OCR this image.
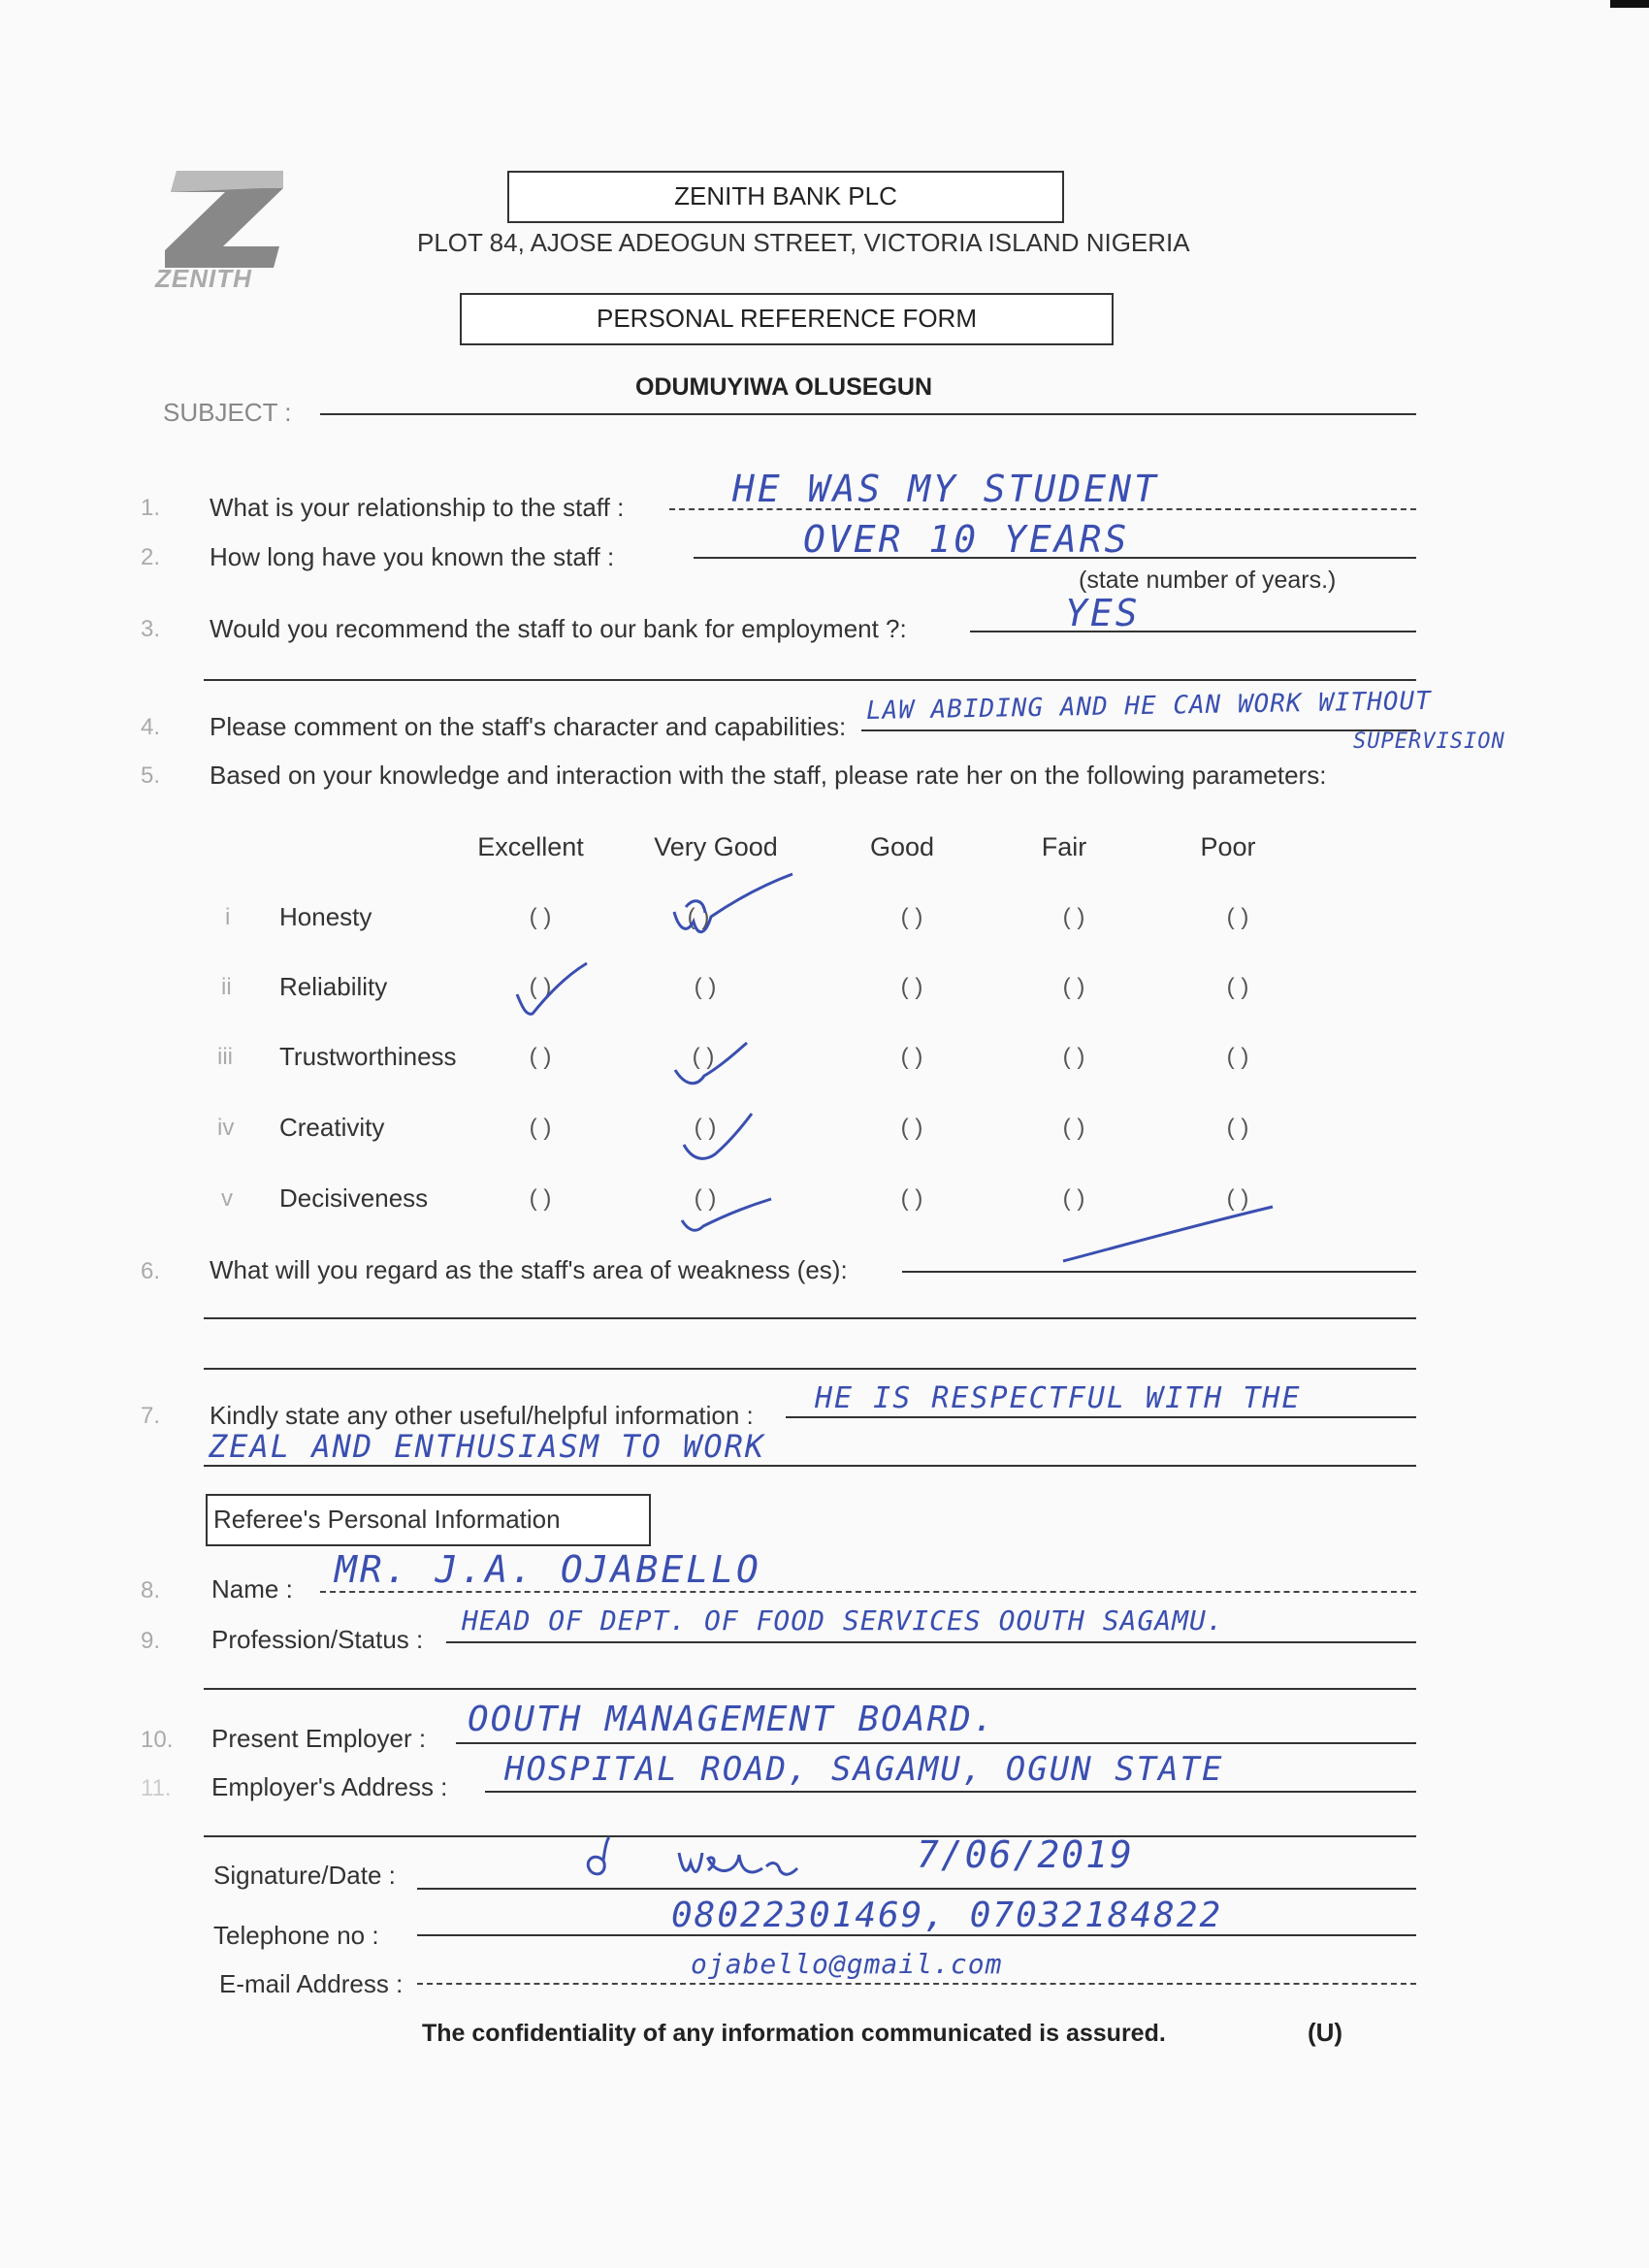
ZENITH
ZENITH BANK PLC
PLOT 84, AJOSE ADEOGUN STREET, VICTORIA ISLAND NIGERIA
PERSONAL REFERENCE FORM
SUBJECT :
ODUMUYIWA OLUSEGUN
1. What is your relationship to the staff :	HE WAS MY STUDENT
2. How long have you known the staff :	OVER 10 YEARS
(state number of years.)
3. Would you recommend the staff to our bank for employment ?:	YES
4. Please comment on the staff's character and capabilities:
LAW ABIDING AND HE CAN WORK WITHOUT
SUPERVISION
5. Based on your knowledge and interaction with the staff, please rate her on the following parameters:
Excellent	Very Good	Good	Fair	Poor
i Honesty	( )	( )	( )	( )	( )
ii Reliability	( )	( )	( )	( )	( )
iii Trustworthiness	( )	( )	( )	( )	( )
iv Creativity	( )	( )	( )	( )	( )
v Decisiveness	( )	( )	( )	( )	( )
6. What will you regard as the staff's area of weakness (es):
7. Kindly state any other useful/helpful information : HE IS RESPECTFUL WITH THE
ZEAL AND ENTHUSIASM TO WORK
Referee's Personal Information
8. Name : MR. J.A. OJABELLO
9. Profession/Status :
HEAD OF DEPT. OF FOOD SERVICES OOUTH SAGAMU.
10. Present Employer : OOUTH MANAGEMENT BOARD.
11. Employer's Address : HOSPITAL ROAD, SAGAMU, OGUN STATE
Signature/Date :	7/06/2019
Telephone no :	08022301469, 07032184822
E-mail Address :
ojabello@gmail.com
The confidentiality of any information communicated is assured.	(U)
